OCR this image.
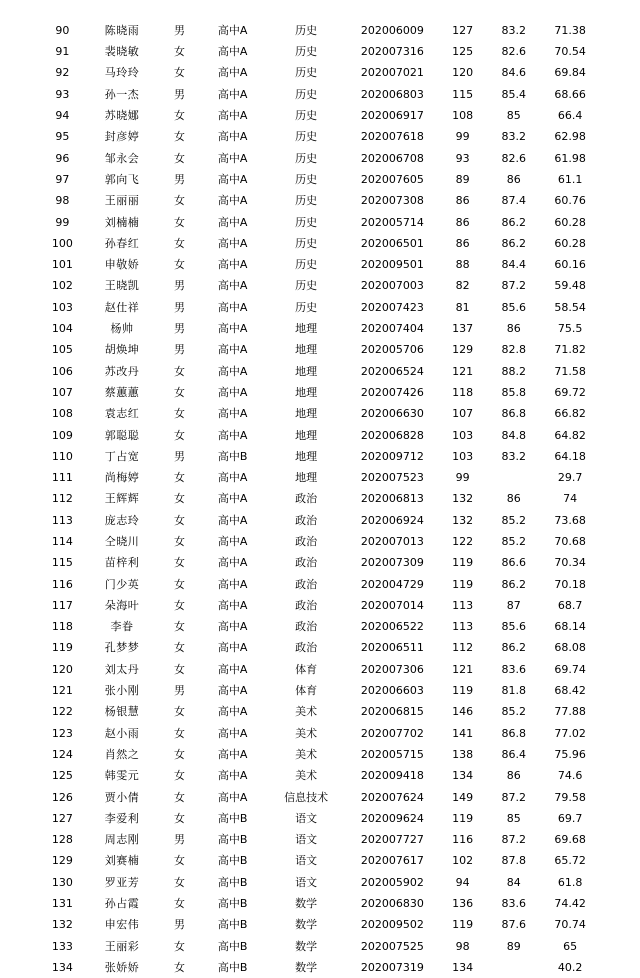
90	陈晓雨	男	高中A	历史	202006009	127	83.2	71.38
91	裴晓敏	女	高中A	历史	202007316	125	82.6	70.54
92	马玲玲	女	高中A	历史	202007021	120	84.6	69.84
93	孙一杰	男	高中A	历史	202006803	115	85.4	68.66
94	苏晓娜	女	高中A	历史	202006917	108	85	66.4
95	封彦婷	女	高中A	历史	202007618	99	83.2	62.98
96	邹永会	女	高中A	历史	202006708	93	82.6	61.98
97	郭向飞	男	高中A	历史	202007605	89	86	61.1
98	王丽丽	女	高中A	历史	202007308	86	87.4	60.76
99	刘楠楠	女	高中A	历史	202005714	86	86.2	60.28
100	孙春红	女	高中A	历史	202006501	86	86.2	60.28
101	申敬娇	女	高中A	历史	202009501	88	84.4	60.16
102	王晓凯	男	高中A	历史	202007003	82	87.2	59.48
103	赵仕祥	男	高中A	历史	202007423	81	85.6	58.54
104	杨帅	男	高中A	地理	202007404	137	86	75.5
105	胡焕坤	男	高中A	地理	202005706	129	82.8	71.82
106	苏改丹	女	高中A	地理	202006524	121	88.2	71.58
107	蔡蕙蕙	女	高中A	地理	202007426	118	85.8	69.72
108	袁志红	女	高中A	地理	202006630	107	86.8	66.82
109	郭聪聪	女	高中A	地理	202006828	103	84.8	64.82
110	丁占宽	男	高中B	地理	202009712	103	83.2	64.18
111	尚梅婷	女	高中A	地理	202007523	99		29.7
112	王辉辉	女	高中A	政治	202006813	132	86	74
113	庞志玲	女	高中A	政治	202006924	132	85.2	73.68
114	仝晓川	女	高中A	政治	202007013	122	85.2	70.68
115	苗梓利	女	高中A	政治	202007309	119	86.6	70.34
116	门少英	女	高中A	政治	202004729	119	86.2	70.18
117	朵海叶	女	高中A	政治	202007014	113	87	68.7
118	李眷	女	高中A	政治	202006522	113	85.6	68.14
119	孔梦梦	女	高中A	政治	202006511	112	86.2	68.08
120	刘太丹	女	高中A	体育	202007306	121	83.6	69.74
121	张小刚	男	高中A	体育	202006603	119	81.8	68.42
122	杨银慧	女	高中A	美术	202006815	146	85.2	77.88
123	赵小雨	女	高中A	美术	202007702	141	86.8	77.02
124	肖然之	女	高中A	美术	202005715	138	86.4	75.96
125	韩雯元	女	高中A	美术	202009418	134	86	74.6
126	贾小倩	女	高中A	信息技术	202007624	149	87.2	79.58
127	李爱利	女	高中B	语文	202009624	119	85	69.7
128	周志刚	男	高中B	语文	202007727	116	87.2	69.68
129	刘赛楠	女	高中B	语文	202007617	102	87.8	65.72
130	罗亚芳	女	高中B	语文	202005902	94	84	61.8
131	孙占霞	女	高中B	数学	202006830	136	83.6	74.42
132	申宏伟	男	高中B	数学	202009502	119	87.6	70.74
133	王丽彩	女	高中B	数学	202007525	98	89	65
134	张娇娇	女	高中B	数学	202007319	134		40.2
